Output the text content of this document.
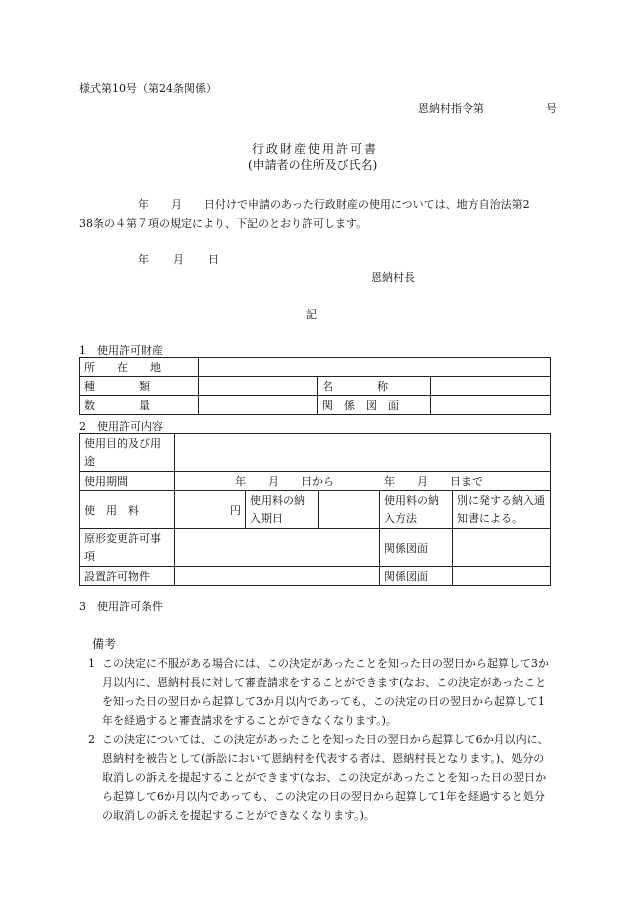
様式第10号（第24条関係）
恩納村指令第	号
行政財産使用許可書
(申請者の住所及び氏名)
年　　月　　日付けで申請のあった行政財産の使用については、地方自治法第2
38条の４第７項の規定により、下記のとおり許可します。
年 月 日
恩納村長
記
1　使用許可財産
所　　在　　地			
種　　　　類		名　　　　称	
数　　　　量		関　係　図　面	
2　使用許可内容
使用目的及び用途					
使用期間	年 月 日から 年 月 日まで				
使　用　料	円	使用料の納入期日		使用料の納入方法	別に発する納入通知書による。
原形変更許可事項				関係図面	
設置許可物件				関係図面	
3　使用許可条件
備考
1 この決定に不服がある場合には、この決定があったことを知った日の翌日から起算して3か月以内に、恩納村長に対して審査請求をすることができます(なお、この決定があったことを知った日の翌日から起算して3か月以内であっても、この決定の日の翌日から起算して1年を経過すると審査請求をすることができなくなります。)。
2 この決定については、この決定があったことを知った日の翌日から起算して6か月以内に、恩納村を被告として(訴訟において恩納村を代表する者は、恩納村長となります。)、処分の取消しの訴えを提起することができます(なお、この決定があったことを知った日の翌日から起算して6か月以内であっても、この決定の日の翌日から起算して1年を経過すると処分の取消しの訴えを提起することができなくなります。)。
